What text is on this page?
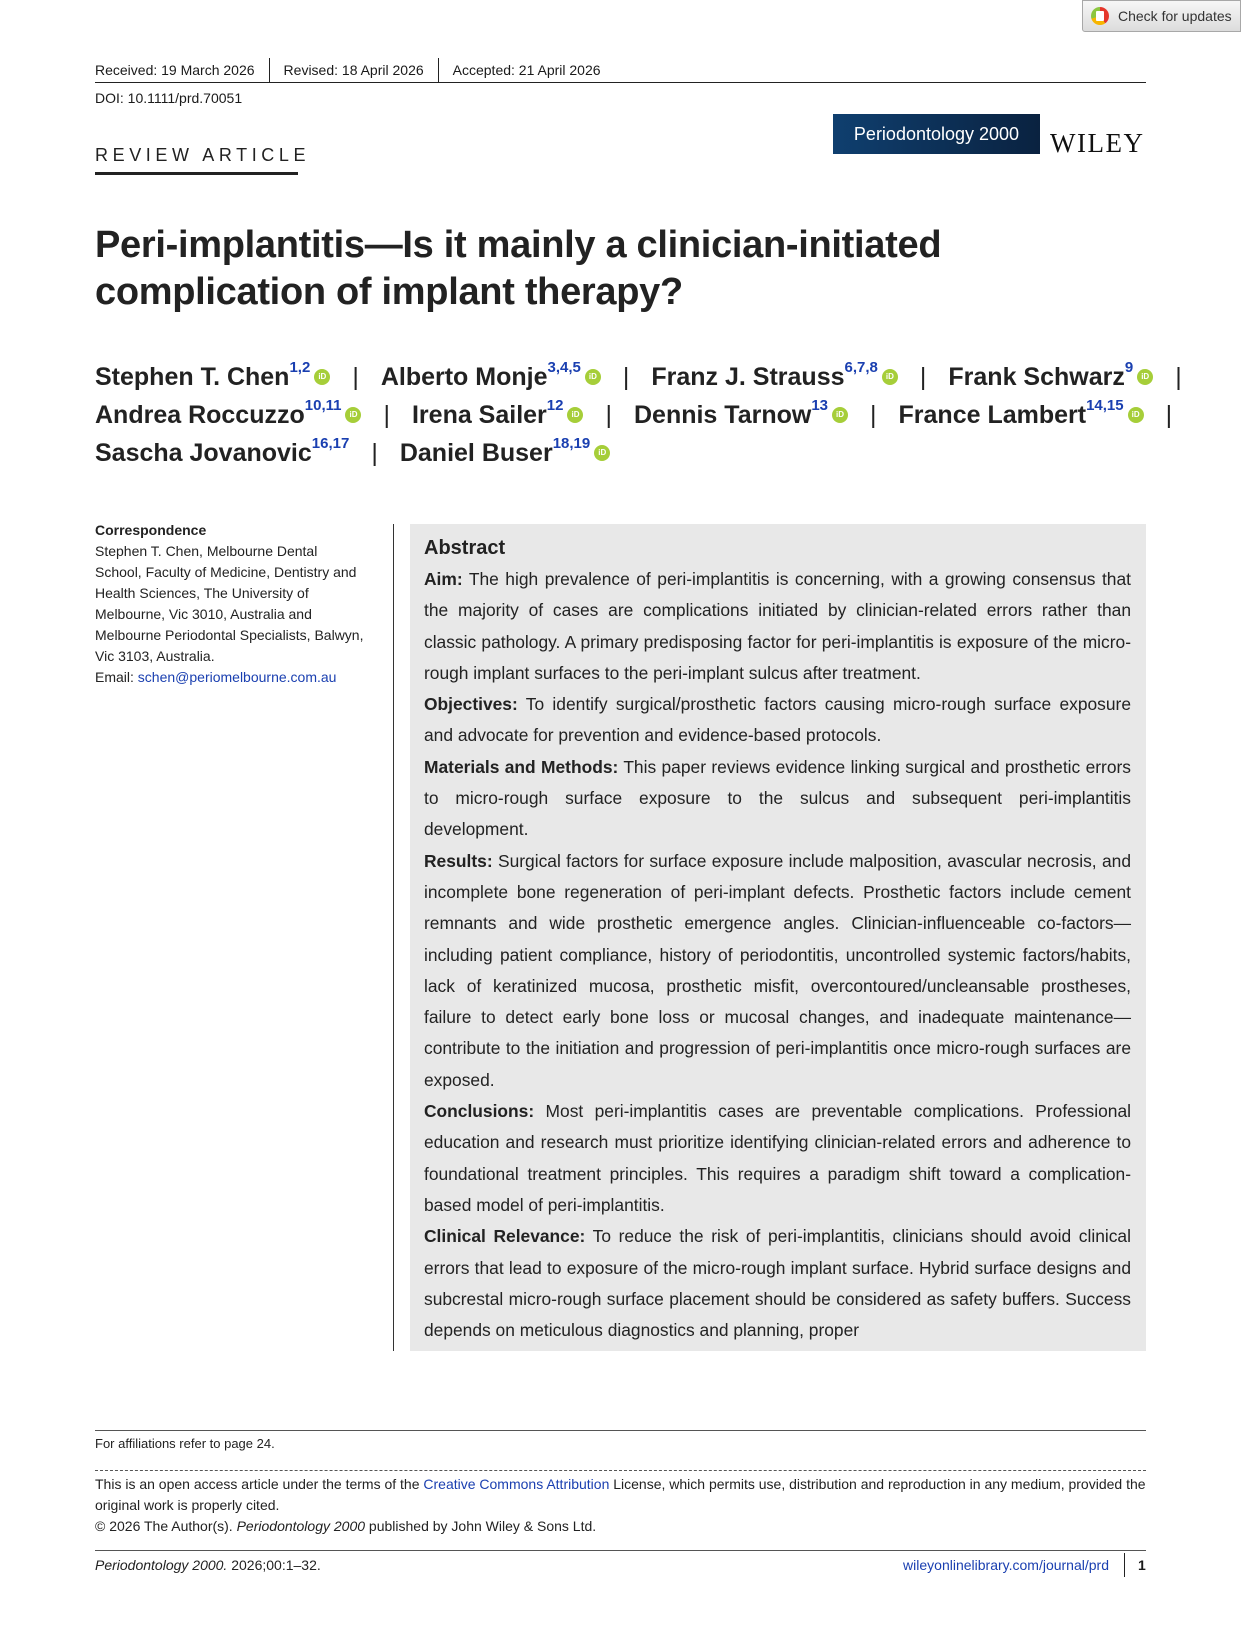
Check for updates
Received: 19 March 2026	Revised: 18 April 2026	Accepted: 21 April 2026
DOI: 10.1111/prd.70051
REVIEW ARTICLE
Periodontology 2000	WILEY
Peri-implantitis—Is it mainly a clinician-initiated complication of implant therapy?
Stephen T. Chen$^{1,2}$
iD | Alberto Monje$^{3,4,5}$
iD | Franz J. Strauss$^{6,7,8}$
iD | Frank Schwarz$^9$
iD |
Andrea Roccuzzo$^{10,11}$
iD | Irena Sailer$^{12}$
iD | Dennis Tarnow$^{13}$
iD | France Lambert$^{14,15}$
iD |
Sascha Jovanovic$^{16,17}$ | Daniel Buser$^{18,19}$
iD
Correspondence
Stephen T. Chen, Melbourne Dental School, Faculty of Medicine, Dentistry and Health Sciences, The University of Melbourne, Vic 3010, Australia and Melbourne Periodontal Specialists, Balwyn, Vic 3103, Australia.
Email: schen@periomelbourne.com.au
Abstract

Aim: The high prevalence of peri-implantitis is concerning, with a growing consensus that the majority of cases are complications initiated by clinician-related errors rather than classic pathology. A primary predisposing factor for peri-implantitis is exposure of the micro-rough implant surfaces to the peri-implant sulcus after treatment.

Objectives: To identify surgical/prosthetic factors causing micro-rough surface exposure and advocate for prevention and evidence-based protocols.

Materials and Methods: This paper reviews evidence linking surgical and prosthetic errors to micro-rough surface exposure to the sulcus and subsequent peri-implantitis development.

Results: Surgical factors for surface exposure include malposition, avascular necrosis, and incomplete bone regeneration of peri-implant defects. Prosthetic factors include cement remnants and wide prosthetic emergence angles. Clinician-influenceable co-factors—including patient compliance, history of periodontitis, uncontrolled systemic factors/habits, lack of keratinized mucosa, prosthetic misfit, overcontoured/uncleansable prostheses, failure to detect early bone loss or mucosal changes, and inadequate maintenance—contribute to the initiation and progression of peri-implantitis once micro-rough surfaces are exposed.

Conclusions: Most peri-implantitis cases are preventable complications. Professional education and research must prioritize identifying clinician-related errors and adherence to foundational treatment principles. This requires a paradigm shift toward a complication-based model of peri-implantitis.

Clinical Relevance: To reduce the risk of peri-implantitis, clinicians should avoid clinical errors that lead to exposure of the micro-rough implant surface. Hybrid surface designs and subcrestal micro-rough surface placement should be considered as safety buffers. Success depends on meticulous diagnostics and planning, proper

For affiliations refer to page 24.
This is an open access article under the terms of the Creative Commons Attribution License, which permits use, distribution and reproduction in any medium, provided the original work is properly cited.
© 2026 The Author(s). Periodontology 2000 published by John Wiley & Sons Ltd.
Periodontology 2000. 2026;00:1–32.	wileyonlinelibrary.com/journal/prd 1
